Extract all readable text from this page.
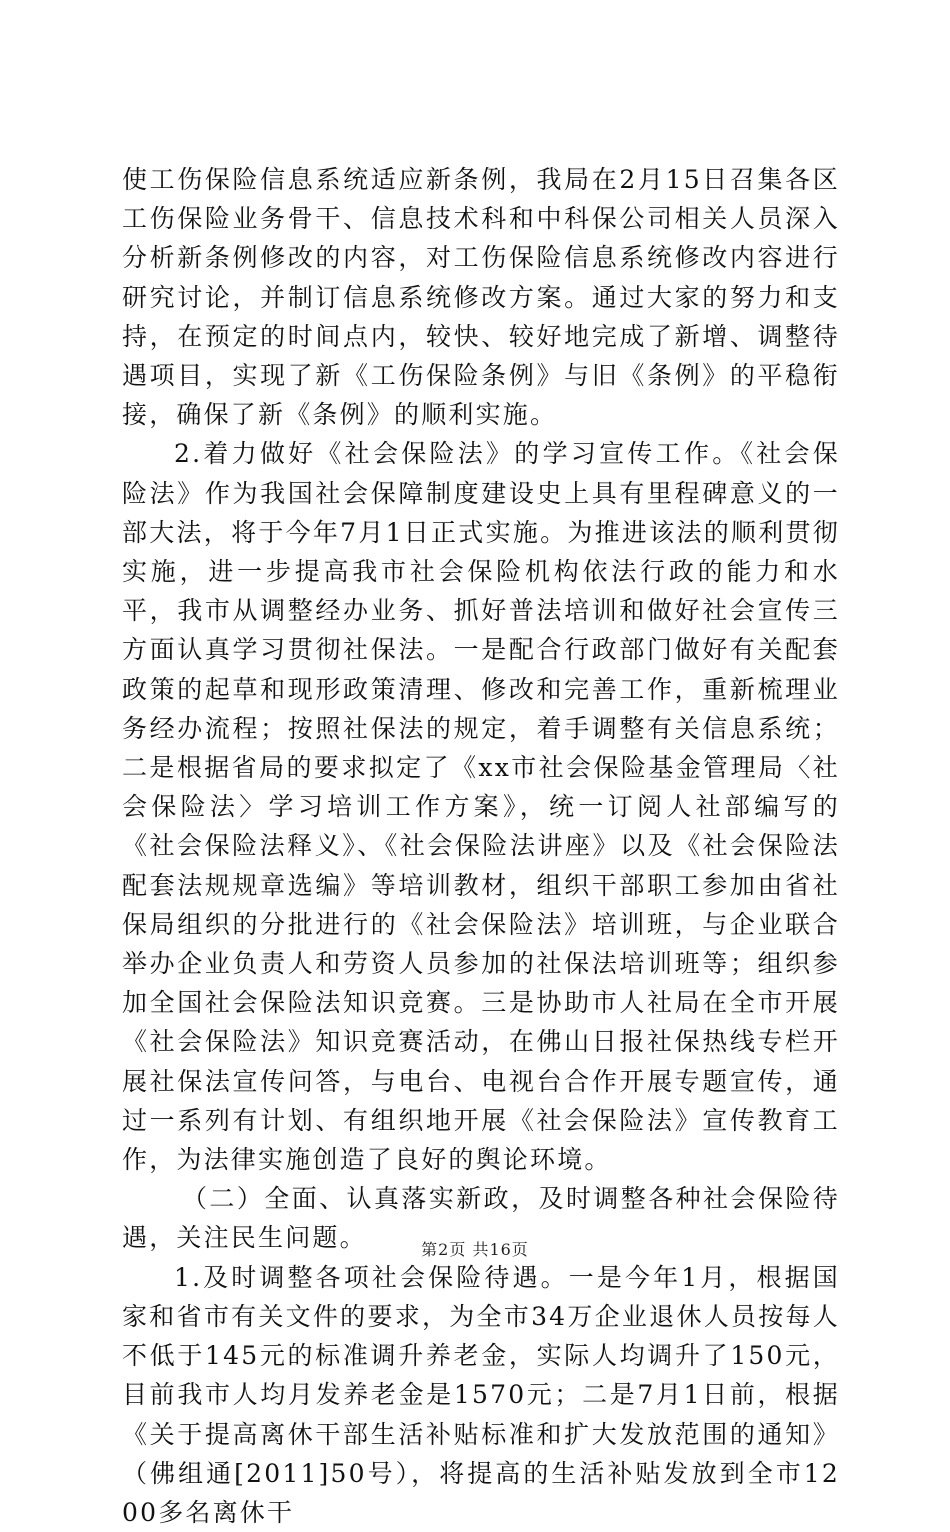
使工伤保险信息系统适应新条例，我局在2月15日召集各区工伤保险业务骨干、信息技术科和中科保公司相关人员深入分析新条例修改的内容，对工伤保险信息系统修改内容进行研究讨论，并制订信息系统修改方案。通过大家的努力和支持，在预定的时间点内，较快、较好地完成了新增、调整待遇项目，实现了新《工伤保险条例》与旧《条例》的平稳衔接，确保了新《条例》的顺利实施。

2.着力做好《社会保险法》的学习宣传工作。《社会保险法》作为我国社会保障制度建设史上具有里程碑意义的一部大法，将于今年7月1日正式实施。为推进该法的顺利贯彻实施，进一步提高我市社会保险机构依法行政的能力和水平，我市从调整经办业务、抓好普法培训和做好社会宣传三方面认真学习贯彻社保法。一是配合行政部门做好有关配套政策的起草和现形政策清理、修改和完善工作，重新梳理业务经办流程；按照社保法的规定，着手调整有关信息系统；二是根据省局的要求拟定了《xx市社会保险基金管理局〈社会保险法〉学习培训工作方案》，统一订阅人社部编写的《社会保险法释义》、《社会保险法讲座》以及《社会保险法配套法规规章选编》等培训教材，组织干部职工参加由省社保局组织的分批进行的《社会保险法》培训班，与企业联合举办企业负责人和劳资人员参加的社保法培训班等；组织参加全国社会保险法知识竞赛。三是协助市人社局在全市开展《社会保险法》知识竞赛活动，在佛山日报社保热线专栏开展社保法宣传问答，与电台、电视台合作开展专题宣传，通过一系列有计划、有组织地开展《社会保险法》宣传教育工作，为法律实施创造了良好的舆论环境。

（二）全面、认真落实新政，及时调整各种社会保险待遇，关注民生问题。

1.及时调整各项社会保险待遇。一是今年1月，根据国家和省市有关文件的要求，为全市34万企业退休人员按每人不低于145元的标准调升养老金，实际人均调升了150元，目前我市人均月发养老金是1570元；二是7月1日前，根据《关于提高离休干部生活补贴标准和扩大发放范围的通知》（佛组通[2011]50号），将提高的生活补贴发放到全市1200多名离休干

第2页 共16页
